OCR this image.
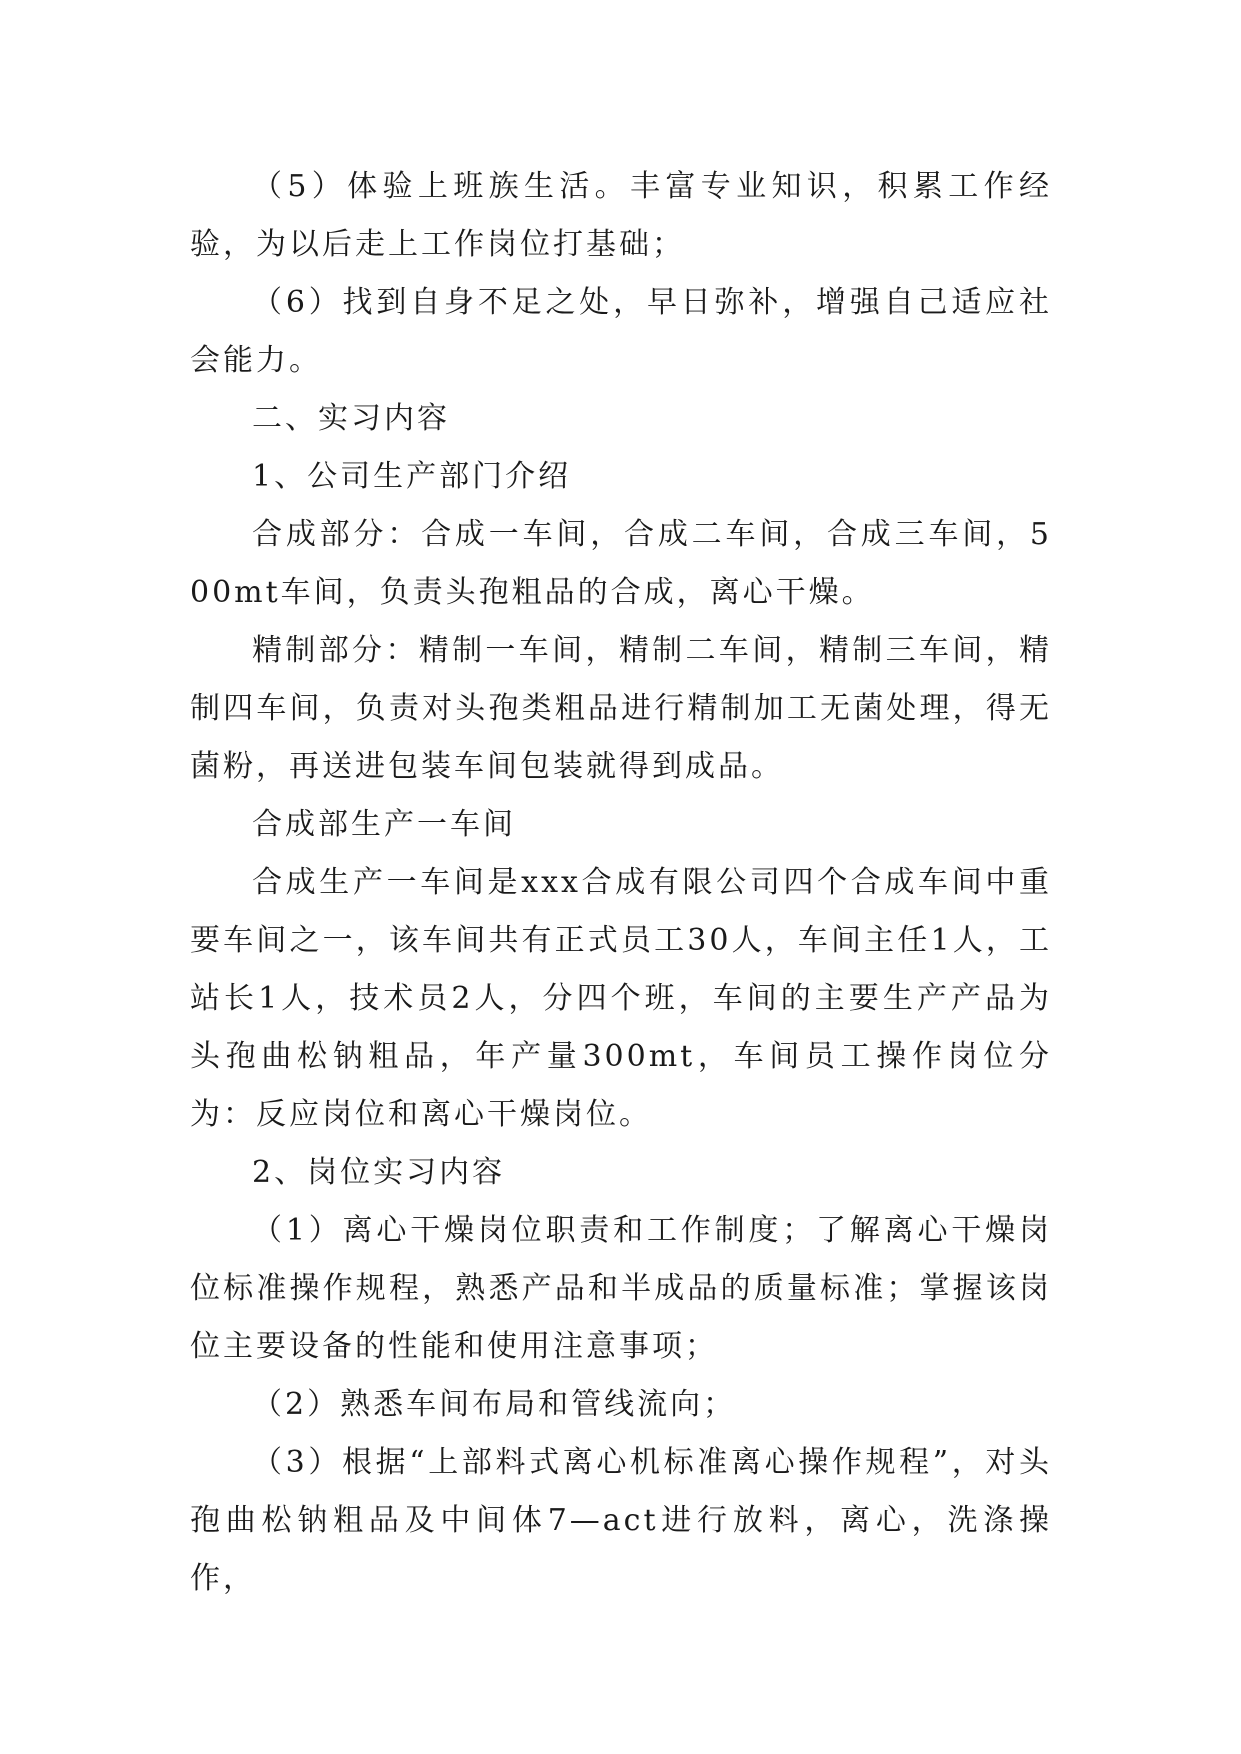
（5）体验上班族生活。丰富专业知识，积累工作经验，为以后走上工作岗位打基础；

（6）找到自身不足之处，早日弥补，增强自己适应社会能力。

二、实习内容

1、公司生产部门介绍

合成部分：合成一车间，合成二车间，合成三车间，500mt车间，负责头孢粗品的合成，离心干燥。

精制部分：精制一车间，精制二车间，精制三车间，精制四车间，负责对头孢类粗品进行精制加工无菌处理，得无菌粉，再送进包装车间包装就得到成品。

合成部生产一车间

合成生产一车间是xxx合成有限公司四个合成车间中重要车间之一，该车间共有正式员工30人，车间主任1人，工站长1人，技术员2人，分四个班，车间的主要生产产品为头孢曲松钠粗品，年产量300mt，车间员工操作岗位分为：反应岗位和离心干燥岗位。

2、岗位实习内容

（1）离心干燥岗位职责和工作制度；了解离心干燥岗位标准操作规程，熟悉产品和半成品的质量标准；掌握该岗位主要设备的性能和使用注意事项；

（2）熟悉车间布局和管线流向；

（3）根据“上部料式离心机标准离心操作规程”，对头孢曲松钠粗品及中间体7—act进行放料，离心，洗涤操作，
